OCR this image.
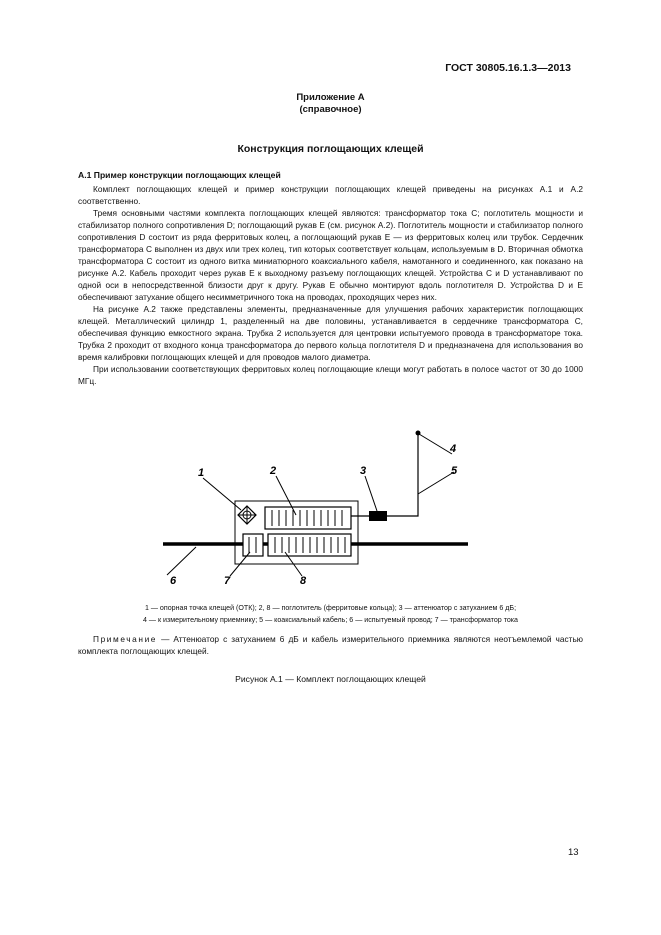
ГОСТ 30805.16.1.3—2013
Приложение А
(справочное)
Конструкция поглощающих клещей
А.1 Пример конструкции поглощающих клещей

Комплект поглощающих клещей и пример конструкции поглощающих клещей приведены на рисунках А.1 и А.2 соответственно.

Тремя основными частями комплекта поглощающих клещей являются: трансформатор тока C; поглотитель мощности и стабилизатор полного сопротивления D; поглощающий рукав E (см. рисунок А.2). Поглотитель мощности и стабилизатор полного сопротивления D состоит из ряда ферритовых колец, а поглощающий рукав E — из ферритовых колец или трубок. Сердечник трансформатора C выполнен из двух или трех колец, тип которых соответствует кольцам, используемым в D. Вторичная обмотка трансформатора C состоит из одного витка миниатюрного коаксиального кабеля, намотанного и соединенного, как показано на рисунке А.2. Кабель проходит через рукав E к выходному разъему поглощающих клещей. Устройства C и D устанавливают по одной оси в непосредственной близости друг к другу. Рукав E обычно монтируют вдоль поглотителя D. Устройства D и E обеспечивают затухание общего несимметричного тока на проводах, проходящих через них.

На рисунке А.2 также представлены элементы, предназначенные для улучшения рабочих характеристик поглощающих клещей. Металлический цилиндр 1, разделенный на две половины, устанавливается в сердечнике трансформатора C, обеспечивая функцию емкостного экрана. Трубка 2 используется для центровки испытуемого провода в трансформаторе тока. Трубка 2 проходит от входного конца трансформатора до первого кольца поглотителя D и предназначена для использования во время калибровки поглощающих клещей и для проводов малого диаметра.

При использовании соответствующих ферритовых колец поглощающие клещи могут работать в полосе частот от 30 до 1000 МГц.

1	2	3
4
5
6	7	8
1 — опорная точка клещей (ОТК); 2, 8 — поглотитель (ферритовые кольца); 3 — аттенюатор с затуханием 6 дБ;
4 — к измерительному приемнику; 5 — коаксиальный кабель; 6 — испытуемый провод; 7 — трансформатор тока
Примечание — Аттенюатор с затуханием 6 дБ и кабель измерительного приемника являются неотъемлемой частью комплекта поглощающих клещей.
Рисунок А.1 — Комплект поглощающих клещей
13
